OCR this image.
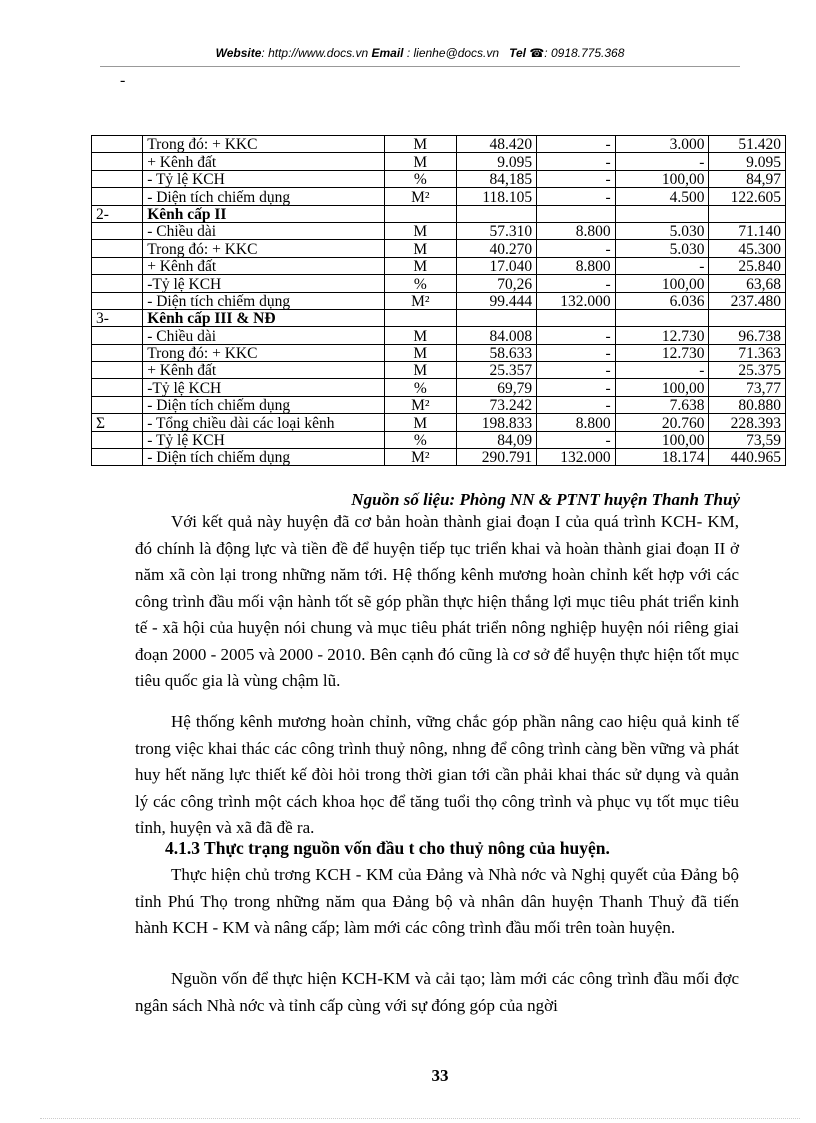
Website: http://www.docs.vn Email : lienhe@docs.vn Tel ☎: 0918.775.368
-
	Trong đó: + KKC	M	48.420	-	3.000	51.420
	+ Kênh đất	M	9.095	-	-	9.095
	- Tỷ lệ KCH	%	84,185	-	100,00	84,97
	- Diện tích chiếm dụng	M²	118.105	-	4.500	122.605
2-	Kênh cấp II					
	- Chiều dài	M	57.310	8.800	5.030	71.140
	Trong đó: + KKC	M	40.270	-	5.030	45.300
	+ Kênh đất	M	17.040	8.800	-	25.840
	-Tỷ lệ KCH	%	70,26	-	100,00	63,68
	- Diện tích chiếm dụng	M²	99.444	132.000	6.036	237.480
3-	Kênh cấp III & NĐ					
	- Chiều dài	M	84.008	-	12.730	96.738
	Trong đó: + KKC	M	58.633	-	12.730	71.363
	+ Kênh đất	M	25.357	-	-	25.375
	-Tỷ lệ KCH	%	69,79	-	100,00	73,77
	- Diện tích chiếm dụng	M²	73.242	-	7.638	80.880
Σ	- Tổng chiều dài các loại kênh	M	198.833	8.800	20.760	228.393
	- Tỷ lệ KCH	%	84,09	-	100,00	73,59
	- Diện tích chiếm dụng	M²	290.791	132.000	18.174	440.965
Nguồn số liệu: Phòng NN & PTNT huyện Thanh Thuỷ
Với kết quả này huyện đã cơ bản hoàn thành giai đoạn I của quá trình KCH- KM, đó chính là động lực và tiền đề để huyện tiếp tục triển khai và hoàn thành giai đoạn II ở năm xã còn lại trong những năm tới. Hệ thống kênh mương hoàn chỉnh kết hợp với các công trình đầu mối vận hành tốt sẽ góp phần thực hiện thắng lợi mục tiêu phát triển kinh tế - xã hội của huyện nói chung và mục tiêu phát triển nông nghiệp huyện nói riêng giai đoạn 2000 - 2005 và 2000 - 2010. Bên cạnh đó cũng là cơ sở để huyện thực hiện tốt mục tiêu quốc gia là vùng chậm lũ.
Hệ thống kênh mương hoàn chỉnh, vững chắc góp phần nâng cao hiệu quả kinh tế trong việc khai thác các công trình thuỷ nông, nhng để công trình càng bền vững và phát huy hết năng lực thiết kế đòi hỏi trong thời gian tới cần phải khai thác sử dụng và quản lý các công trình một cách khoa học để tăng tuổi thọ công trình và phục vụ tốt mục tiêu tỉnh, huyện và xã đã đề ra.
4.1.3 Thực trạng nguồn vốn đầu t cho thuỷ nông của huyện.
Thực hiện chủ trơng KCH - KM của Đảng và Nhà nớc và Nghị quyết của Đảng bộ tỉnh Phú Thọ trong những năm qua Đảng bộ và nhân dân huyện Thanh Thuỷ đã tiến hành KCH - KM và nâng cấp; làm mới các công trình đầu mối trên toàn huyện.
Nguồn vốn để thực hiện KCH-KM và cải tạo; làm mới các công trình đầu mối đợc ngân sách Nhà nớc và tỉnh cấp cùng với sự đóng góp của ngời
33
